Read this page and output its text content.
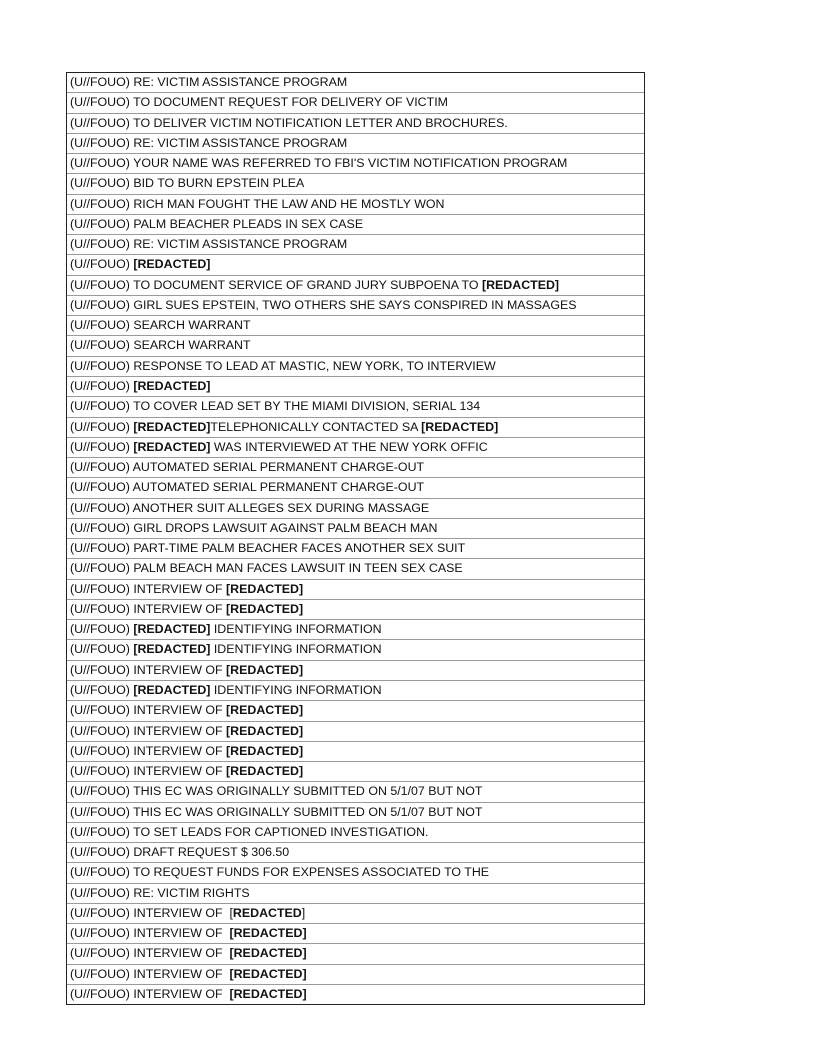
(U//FOUO) RE: VICTIM ASSISTANCE PROGRAM
(U//FOUO) TO DOCUMENT REQUEST FOR DELIVERY OF VICTIM
(U//FOUO) TO DELIVER VICTIM NOTIFICATION LETTER AND BROCHURES.
(U//FOUO) RE: VICTIM ASSISTANCE PROGRAM
(U//FOUO) YOUR NAME WAS REFERRED TO FBI'S VICTIM NOTIFICATION PROGRAM
(U//FOUO) BID TO BURN EPSTEIN PLEA
(U//FOUO) RICH MAN FOUGHT THE LAW AND HE MOSTLY WON
(U//FOUO) PALM BEACHER PLEADS IN SEX CASE
(U//FOUO) RE: VICTIM ASSISTANCE PROGRAM
(U//FOUO) [REDACTED]
(U//FOUO) TO DOCUMENT SERVICE OF GRAND JURY SUBPOENA TO [REDACTED]
(U//FOUO) GIRL SUES EPSTEIN, TWO OTHERS SHE SAYS CONSPIRED IN MASSAGES
(U//FOUO) SEARCH WARRANT
(U//FOUO) SEARCH WARRANT
(U//FOUO) RESPONSE TO LEAD AT MASTIC, NEW YORK, TO INTERVIEW
(U//FOUO) [REDACTED]
(U//FOUO) TO COVER LEAD SET BY THE MIAMI DIVISION, SERIAL 134
(U//FOUO) [REDACTED]TELEPHONICALLY CONTACTED SA [REDACTED]
(U//FOUO) [REDACTED] WAS INTERVIEWED AT THE NEW YORK OFFIC
(U//FOUO) AUTOMATED SERIAL PERMANENT CHARGE-OUT
(U//FOUO) AUTOMATED SERIAL PERMANENT CHARGE-OUT
(U//FOUO) ANOTHER SUIT ALLEGES SEX DURING MASSAGE
(U//FOUO) GIRL DROPS LAWSUIT AGAINST PALM BEACH MAN
(U//FOUO) PART-TIME PALM BEACHER FACES ANOTHER SEX SUIT
(U//FOUO) PALM BEACH MAN FACES LAWSUIT IN TEEN SEX CASE
(U//FOUO) INTERVIEW OF [REDACTED]
(U//FOUO) INTERVIEW OF [REDACTED]
(U//FOUO) [REDACTED] IDENTIFYING INFORMATION
(U//FOUO) [REDACTED] IDENTIFYING INFORMATION
(U//FOUO) INTERVIEW OF [REDACTED]
(U//FOUO) [REDACTED] IDENTIFYING INFORMATION
(U//FOUO) INTERVIEW OF [REDACTED]
(U//FOUO) INTERVIEW OF [REDACTED]
(U//FOUO) INTERVIEW OF [REDACTED]
(U//FOUO) INTERVIEW OF [REDACTED]
(U//FOUO) THIS EC WAS ORIGINALLY SUBMITTED ON 5/1/07 BUT NOT
(U//FOUO) THIS EC WAS ORIGINALLY SUBMITTED ON 5/1/07 BUT NOT
(U//FOUO) TO SET LEADS FOR CAPTIONED INVESTIGATION.
(U//FOUO) DRAFT REQUEST $ 306.50
(U//FOUO) TO REQUEST FUNDS FOR EXPENSES ASSOCIATED TO THE
(U//FOUO) RE: VICTIM RIGHTS
(U//FOUO) INTERVIEW OF  [REDACTED]
(U//FOUO) INTERVIEW OF  [REDACTED]
(U//FOUO) INTERVIEW OF  [REDACTED]
(U//FOUO) INTERVIEW OF  [REDACTED]
(U//FOUO) INTERVIEW OF  [REDACTED]
